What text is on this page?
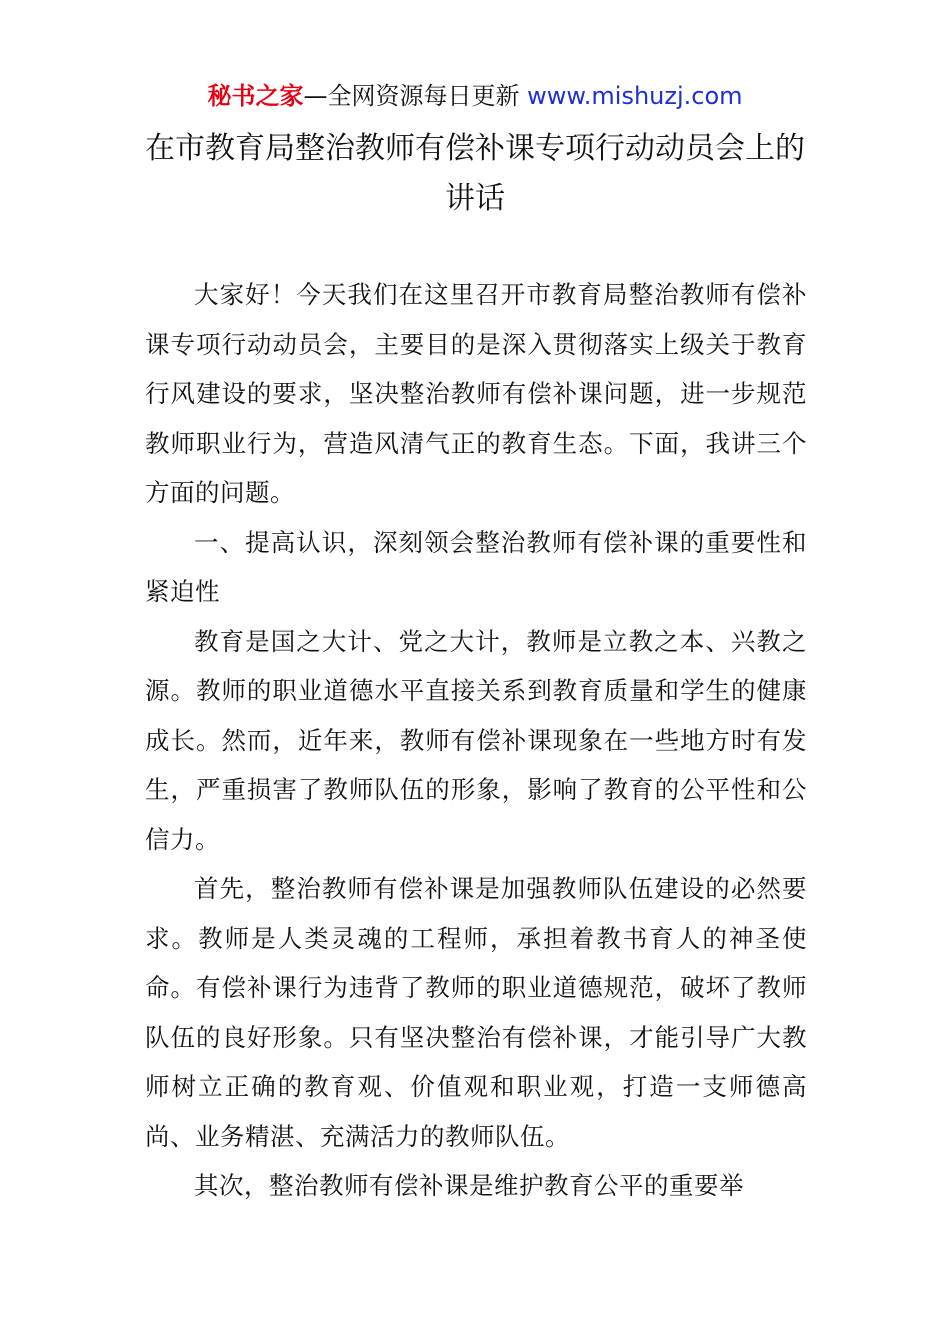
秘书之家—全网资源每日更新 www.mishuzj.com
在市教育局整治教师有偿补课专项行动动员会上的讲话

大家好！今天我们在这里召开市教育局整治教师有偿补课专项行动动员会，主要目的是深入贯彻落实上级关于教育行风建设的要求，坚决整治教师有偿补课问题，进一步规范教师职业行为，营造风清气正的教育生态。下面，我讲三个方面的问题。

一、提高认识，深刻领会整治教师有偿补课的重要性和紧迫性

教育是国之大计、党之大计，教师是立教之本、兴教之源。教师的职业道德水平直接关系到教育质量和学生的健康成长。然而，近年来，教师有偿补课现象在一些地方时有发生，严重损害了教师队伍的形象，影响了教育的公平性和公信力。

首先，整治教师有偿补课是加强教师队伍建设的必然要求。教师是人类灵魂的工程师，承担着教书育人的神圣使命。有偿补课行为违背了教师的职业道德规范，破坏了教师队伍的良好形象。只有坚决整治有偿补课，才能引导广大教师树立正确的教育观、价值观和职业观，打造一支师德高尚、业务精湛、充满活力的教师队伍。

其次，整治教师有偿补课是维护教育公平的重要举
